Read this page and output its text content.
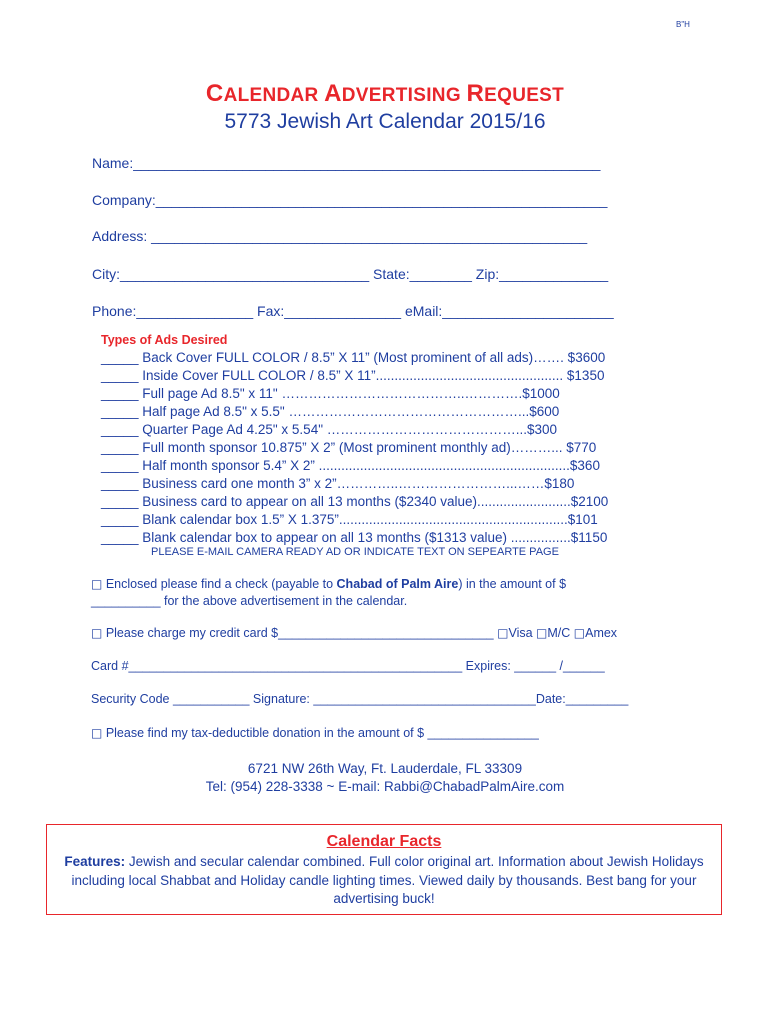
B"H
CALENDAR ADVERTISING REQUEST
5773 Jewish Art Calendar 2015/16
Name:____________________________________________________________
Company:__________________________________________________________
Address: ________________________________________________________
City:________________________________ State:________ Zip:______________
Phone:_______________ Fax:_______________ eMail:______________________
Types of Ads Desired
_____ Back Cover FULL COLOR / 8.5” X 11” (Most prominent of all ads)……. $3600
_____ Inside Cover FULL COLOR / 8.5” X 11”.................................................. $1350
_____ Full page Ad 8.5" x 11" …………………………………..………….$1000
_____ Half page Ad 8.5" x 5.5" ……………………………………………...$600
_____ Quarter Page Ad 4.25" x 5.54" ……………………………………...$300
_____ Full month sponsor 10.875” X 2” (Most prominent monthly ad)………... $770
_____ Half month sponsor 5.4” X 2” ...................................................................$360
_____ Business card one month 3” x 2”…………..……………………...……$180
_____ Business card to appear on all 13 months ($2340 value).........................$2100
_____ Blank calendar box 1.5” X 1.375”.............................................................$101
_____ Blank calendar box to appear on all 13 months ($1313 value) ................$1150
PLEASE E-MAIL CAMERA READY AD OR INDICATE TEXT ON SEPEARTE PAGE
□ Enclosed please find a check (payable to Chabad of Palm Aire) in the amount of $
__________ for the above advertisement in the calendar.
□ Please charge my credit card $_______________________________ □Visa □M/C □Amex
Card #________________________________________________ Expires: ______ /______
Security Code ___________ Signature: ________________________________Date:_________
□ Please find my tax-deductible donation in the amount of $ ________________
6721 NW 26th Way, Ft. Lauderdale, FL 33309
Tel: (954) 228-3338 ~ E-mail: Rabbi@ChabadPalmAire.com
Calendar Facts
Features: Jewish and secular calendar combined. Full color original art. Information about Jewish Holidays including local Shabbat and Holiday candle lighting times. Viewed daily by thousands. Best bang for your advertising buck!
